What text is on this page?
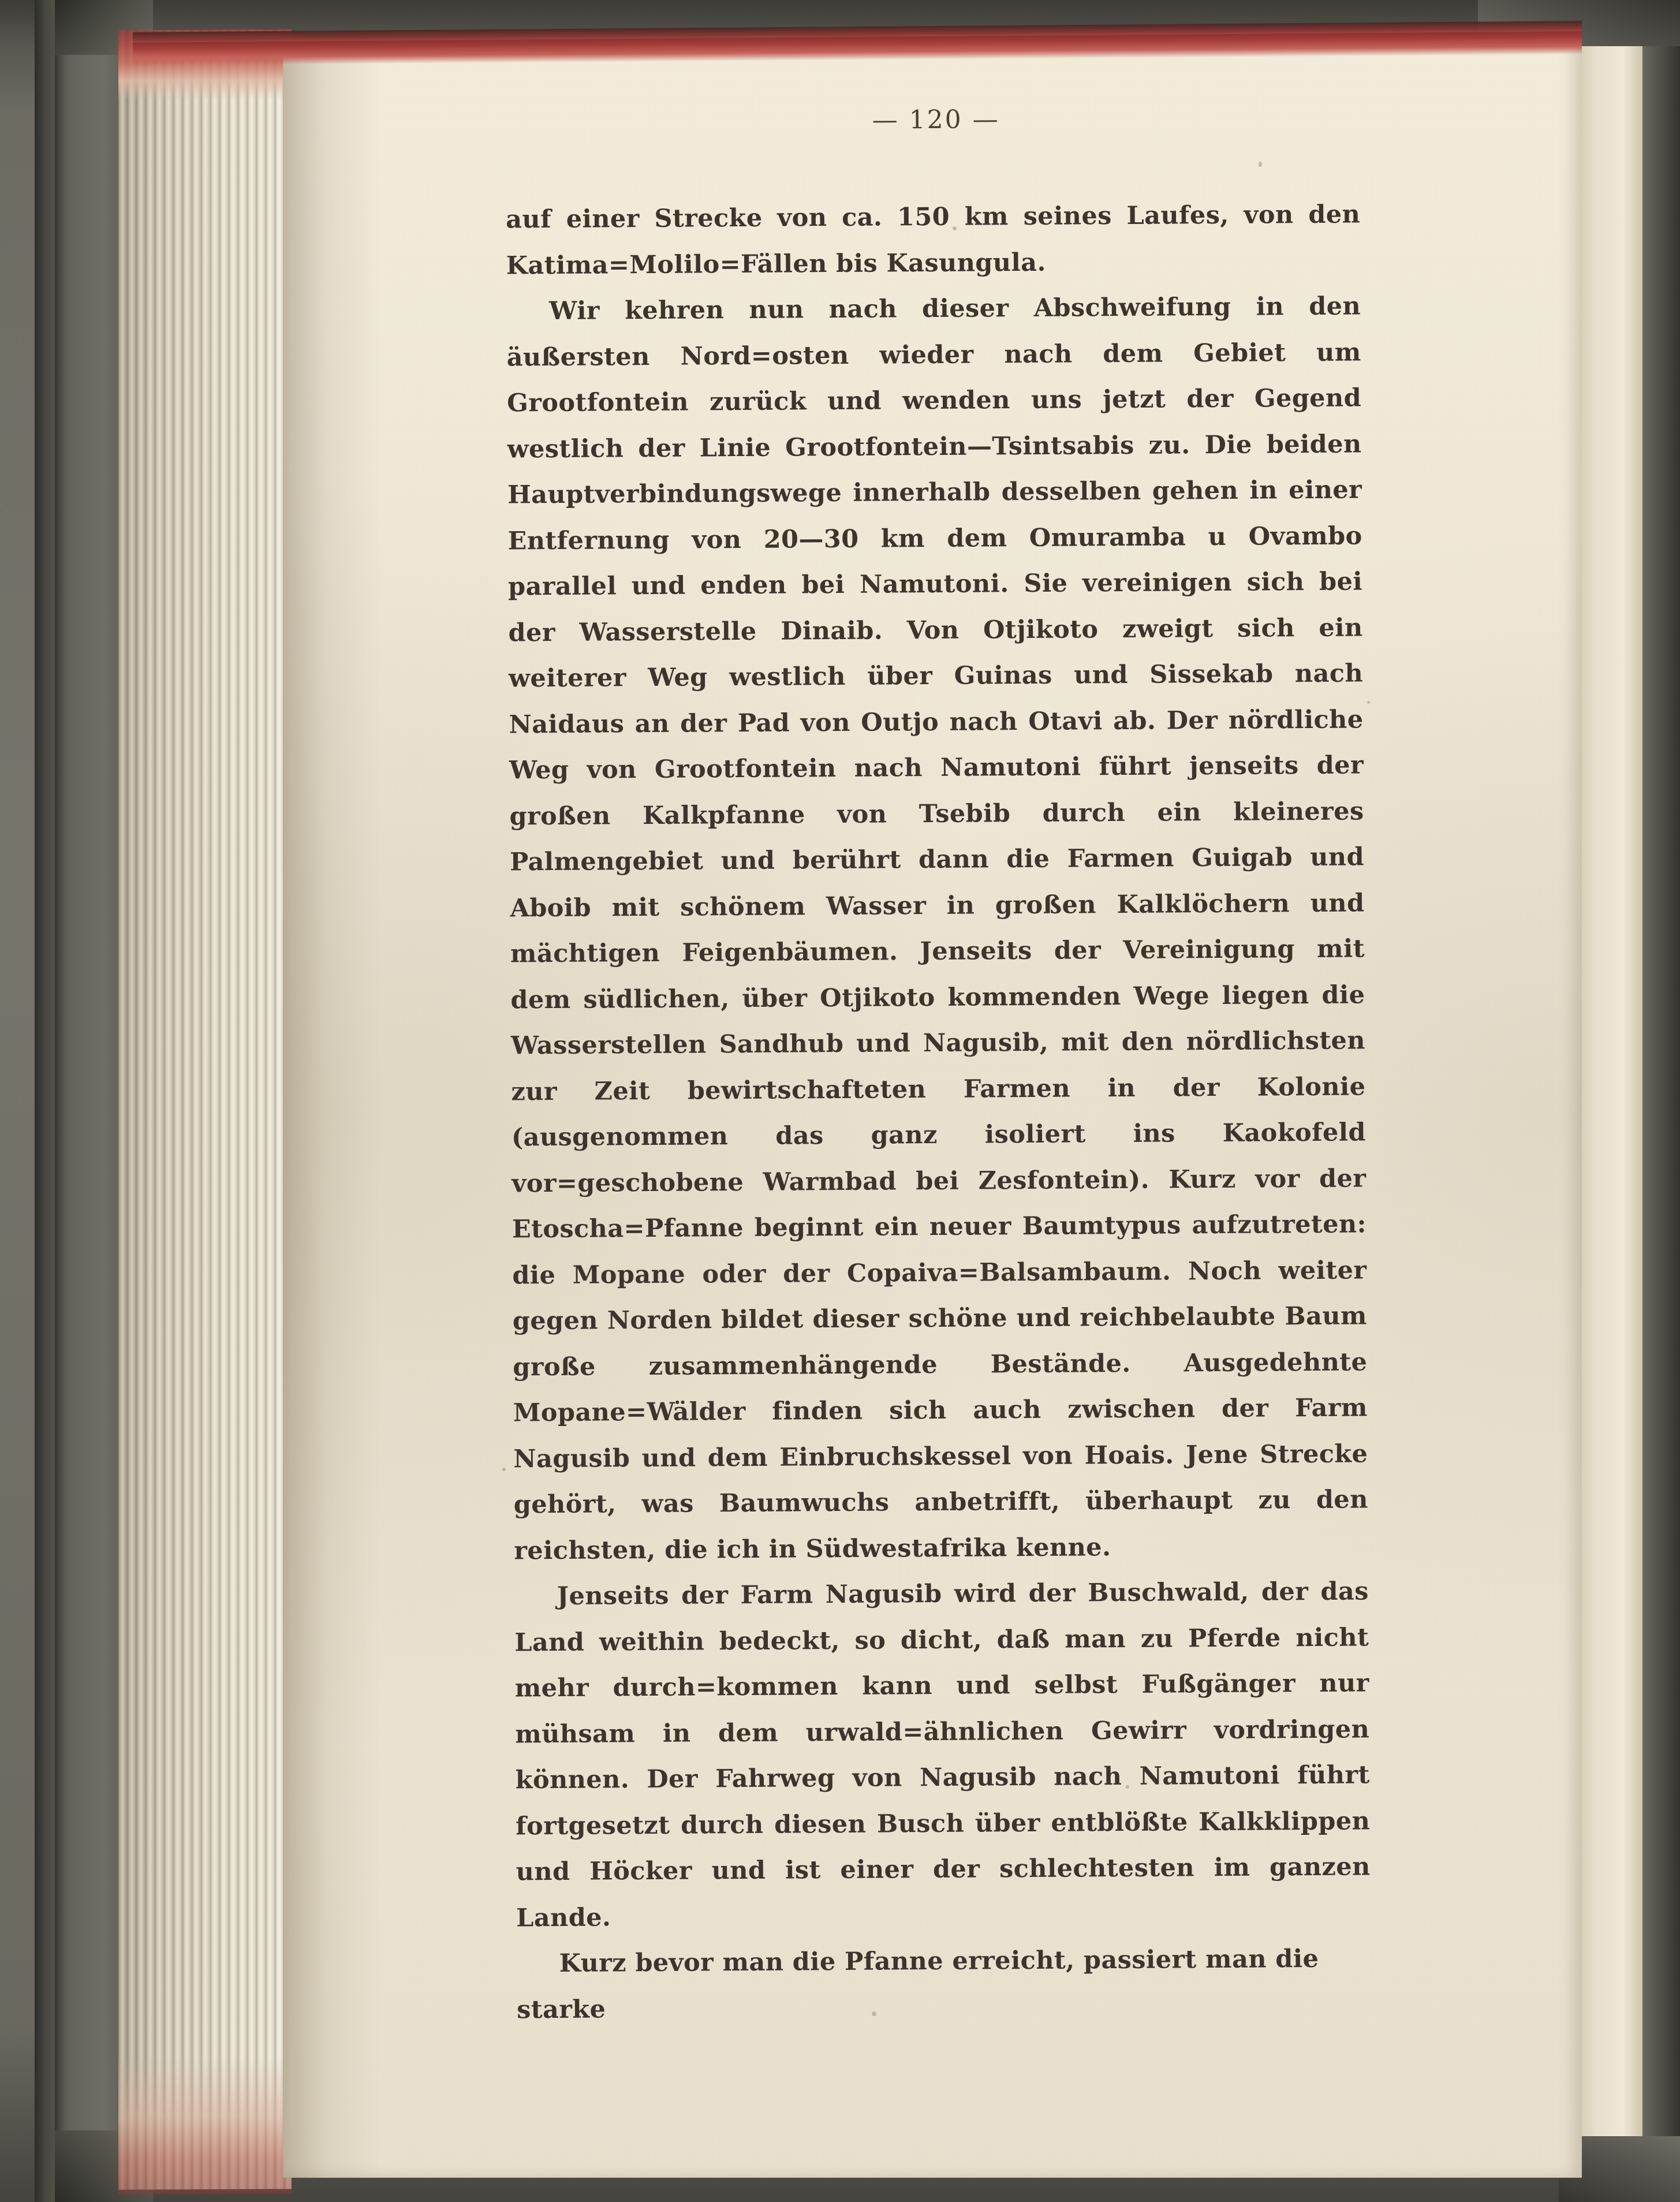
— 120 —

auf einer Strecke von ca. 150 km seines Laufes, von den Katima=Molilo=Fällen bis Kasungula.

Wir kehren nun nach dieser Abschweifung in den äußersten Nord=osten wieder nach dem Gebiet um Grootfontein zurück und wenden uns jetzt der Gegend westlich der Linie Grootfontein—Tsintsabis zu. Die beiden Hauptverbindungswege innerhalb desselben gehen in einer Entfernung von 20—30 km dem Omuramba u Ovambo parallel und enden bei Namutoni. Sie vereinigen sich bei der Wasserstelle Dinaib. Von Otjikoto zweigt sich ein weiterer Weg westlich über Guinas und Sissekab nach Naidaus an der Pad von Outjo nach Otavi ab. Der nördliche Weg von Grootfontein nach Namutoni führt jenseits der großen Kalkpfanne von Tsebib durch ein kleineres Palmengebiet und berührt dann die Farmen Guigab und Aboib mit schönem Wasser in großen Kalklöchern und mächtigen Feigenbäumen. Jenseits der Vereinigung mit dem südlichen, über Otjikoto kommenden Wege liegen die Wasserstellen Sandhub und Nagusib, mit den nördlichsten zur Zeit bewirtschafteten Farmen in der Kolonie (ausgenommen das ganz isoliert ins Kaokofeld vor=geschobene Warmbad bei Zesfontein). Kurz vor der Etoscha=Pfanne beginnt ein neuer Baumtypus aufzutreten: die Mopane oder der Copaiva=Balsambaum. Noch weiter gegen Norden bildet dieser schöne und reichbelaubte Baum große zusammenhängende Bestände. Ausgedehnte Mopane=Wälder finden sich auch zwischen der Farm Nagusib und dem Einbruchskessel von Hoais. Jene Strecke gehört, was Baumwuchs anbetrifft, überhaupt zu den reichsten, die ich in Südwestafrika kenne.

Jenseits der Farm Nagusib wird der Buschwald, der das Land weithin bedeckt, so dicht, daß man zu Pferde nicht mehr durch=kommen kann und selbst Fußgänger nur mühsam in dem urwald=ähnlichen Gewirr vordringen können. Der Fahrweg von Nagusib nach Namutoni führt fortgesetzt durch diesen Busch über entblößte Kalkklippen und Höcker und ist einer der schlechtesten im ganzen Lande.

Kurz bevor man die Pfanne erreicht, passiert man die starke
